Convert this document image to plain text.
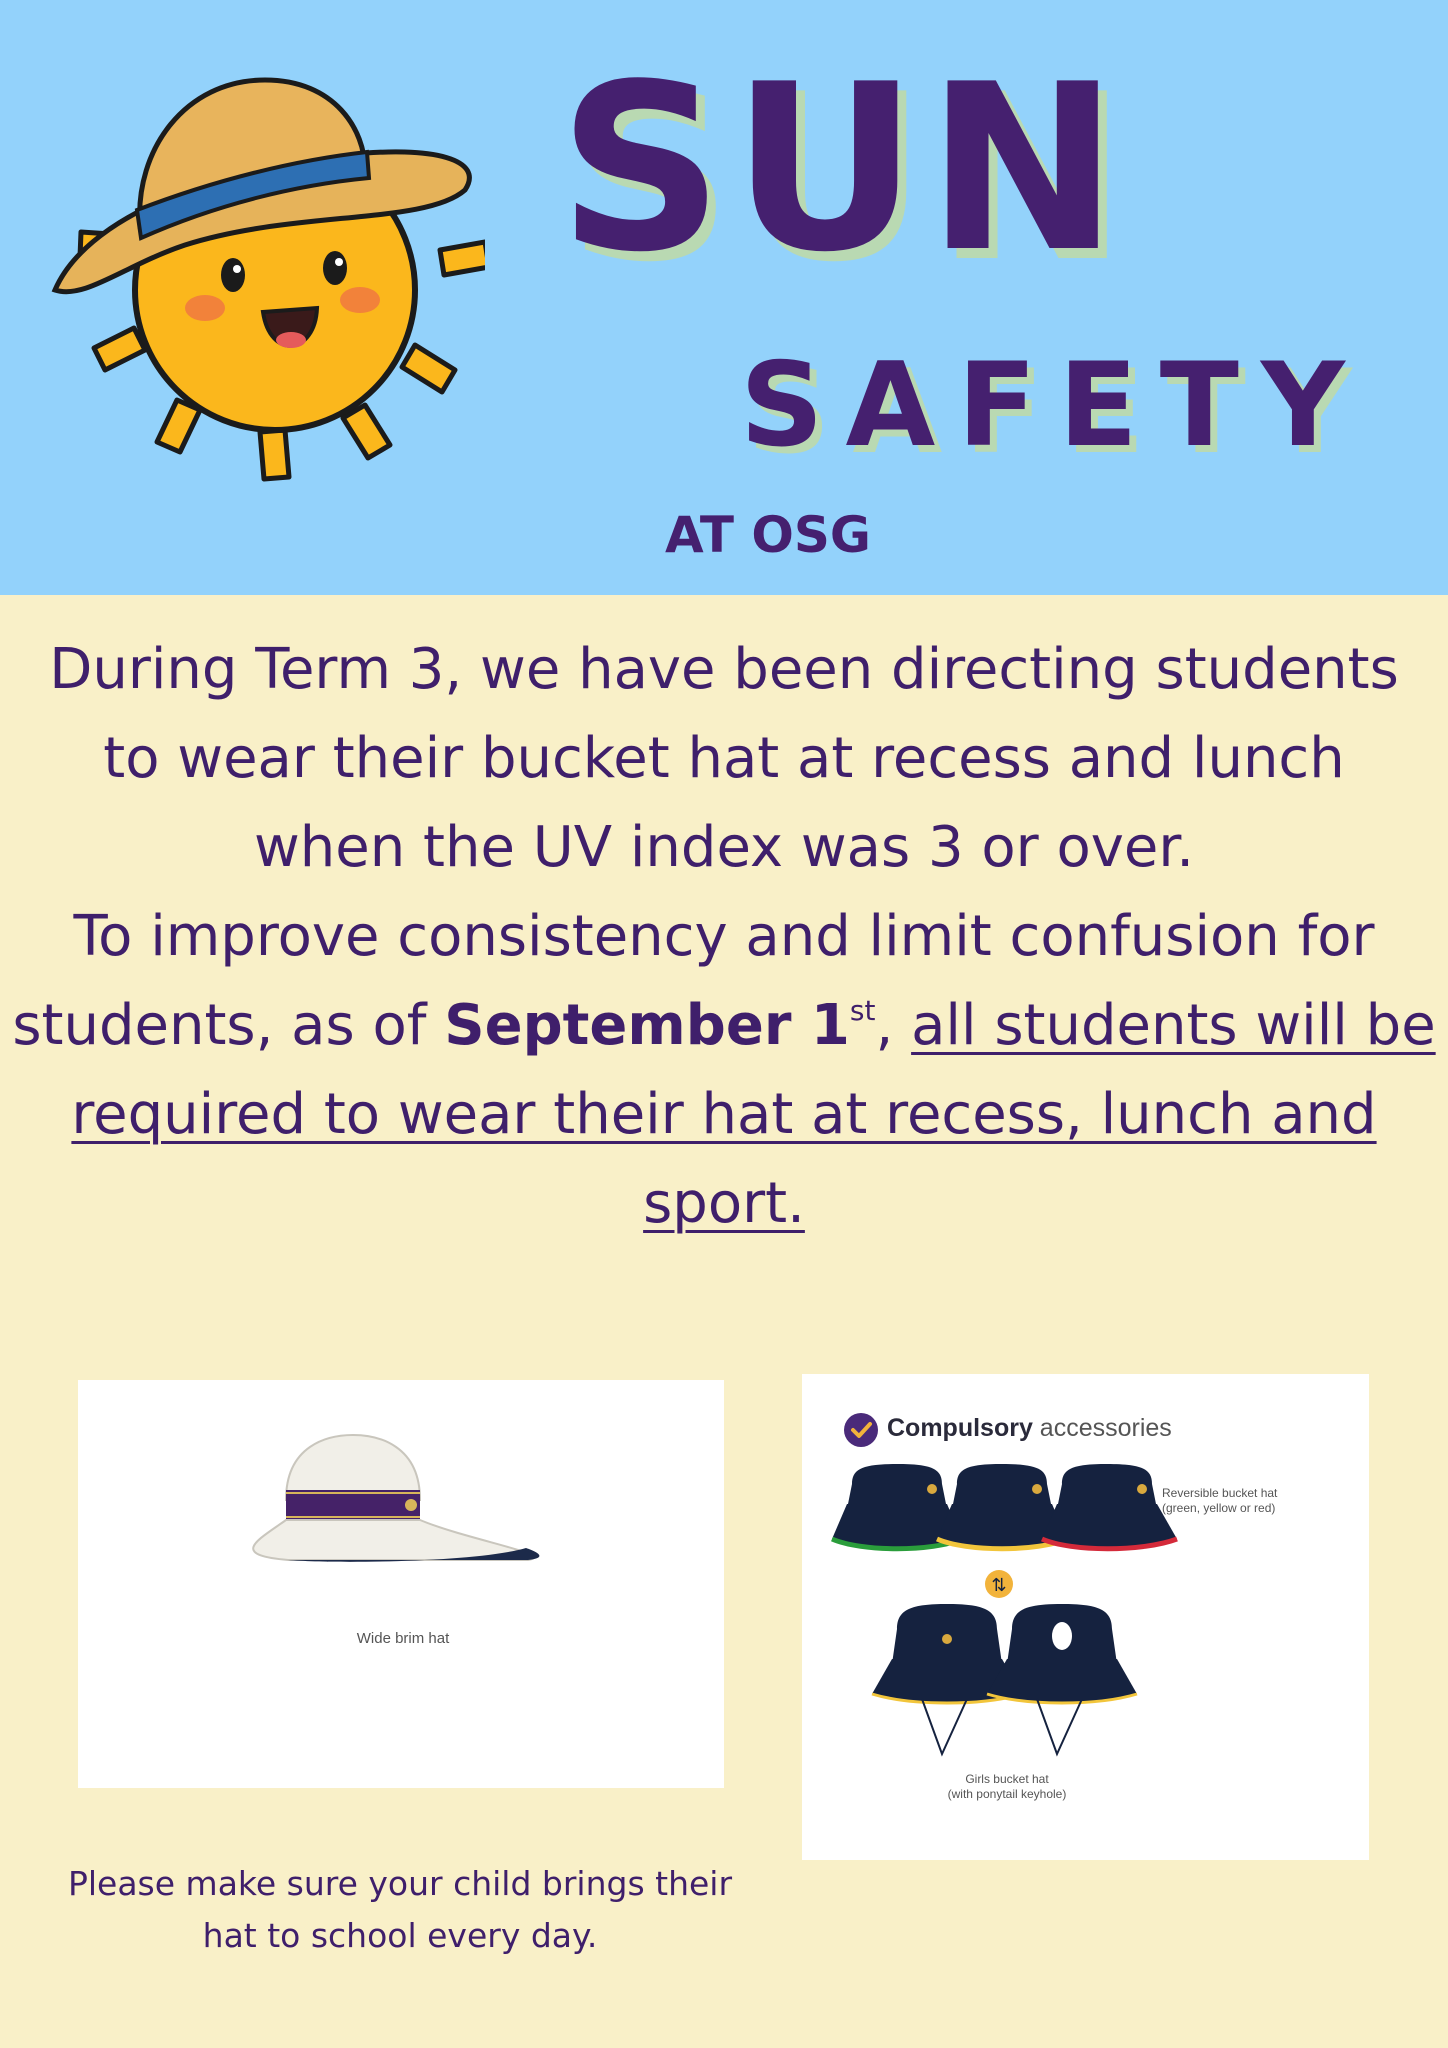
SUN
SAFETY
AT OSG
During Term 3, we have been directing students
to wear their bucket hat at recess and lunch
when the UV index was 3 or over.
To improve consistency and limit confusion for
students, as of September 1st, all students will be
required to wear their hat at recess, lunch and
sport.
Wide brim hat
⇅
Compulsory accessories
Reversible bucket hat
(green, yellow or red)
Girls bucket hat
(with ponytail keyhole)
Please make sure your child brings their
hat to school every day.
